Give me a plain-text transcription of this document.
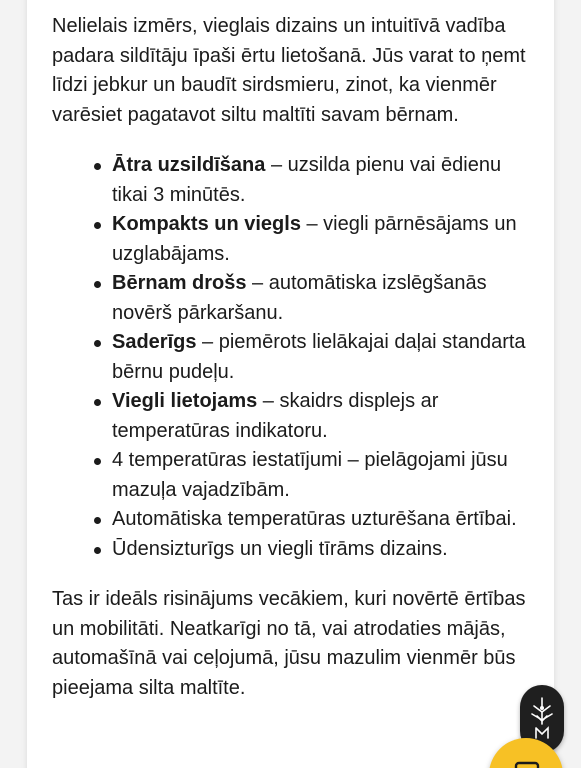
Nelielais izmērs, vieglais dizains un intuitīvā vadība padara sildītāju īpaši ērtu lietošanā. Jūs varat to ņemt līdzi jebkur un baudīt sirdsmieru, zinot, ka vienmēr varēsiet pagatavot siltu maltīti savam bērnam.

Ātra uzsildīšana – uzsilda pienu vai ēdienu tikai 3 minūtēs.
Kompakts un viegls – viegli pārnēsājams un uzglabājams.
Bērnam drošs – automātiska izslēgšanās novērš pārkaršanu.
Saderīgs – piemērots lielākajai daļai standarta bērnu pudeļu.
Viegli lietojams – skaidrs displejs ar temperatūras indikatoru.
4 temperatūras iestatījumi – pielāgojami jūsu mazuļa vajadzībām.
Automātiska temperatūras uzturēšana ērtībai.
Ūdensizturīgs un viegli tīrāms dizains.

Tas ir ideāls risinājums vecākiem, kuri novērtē ērtības un mobilitāti. Neatkarīgi no tā, vai atrodaties mājās, automašīnā vai ceļojumā, jūsu mazulim vienmēr būs pieejama silta maltīte.
